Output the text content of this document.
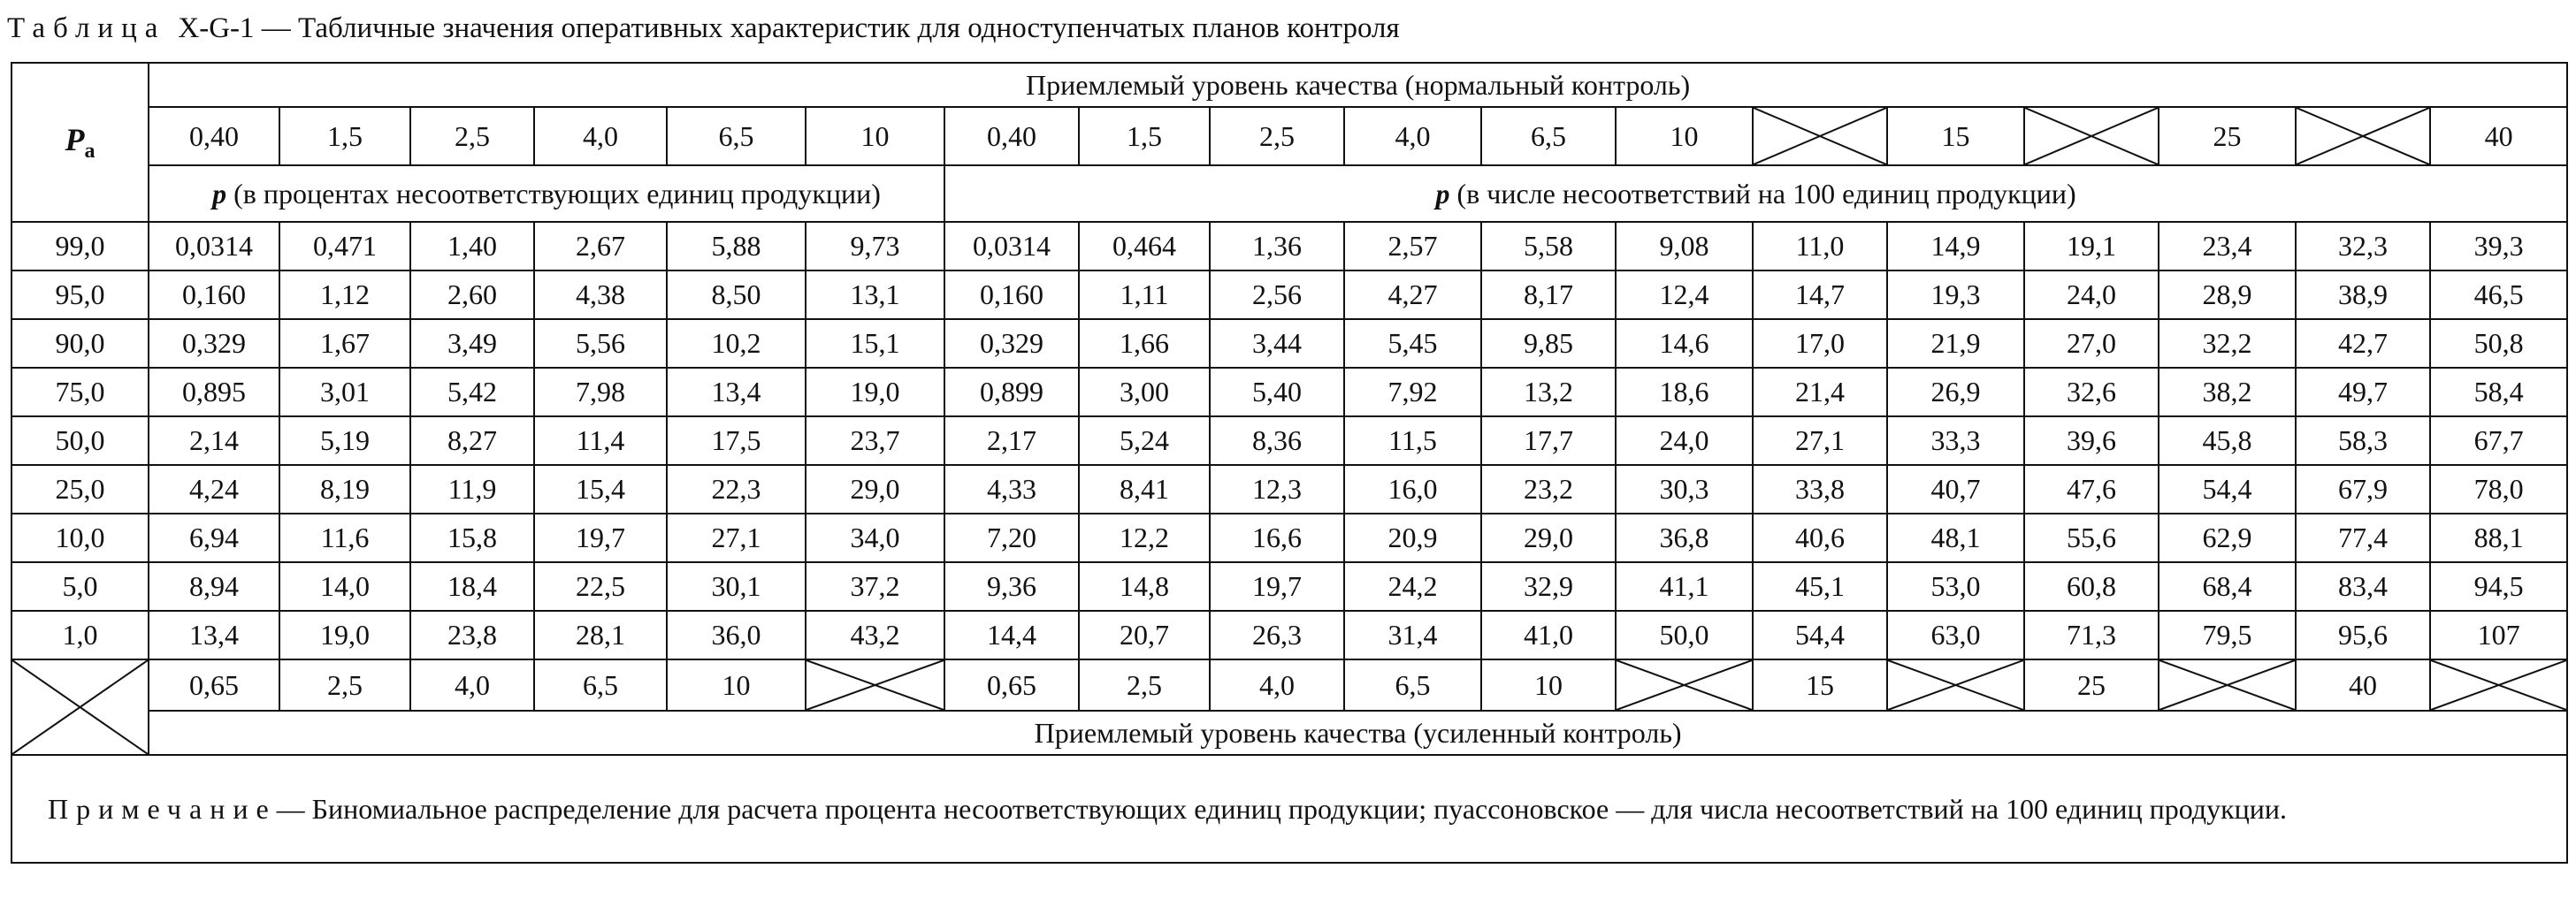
Таблица X-G-1 — Табличные значения оперативных характеристик для одноступенчатых планов контроля
$P_a$	Приемлемый уровень качества (нормальный контроль)																	
	0,40	1,5	2,5	4,0	6,5	10	0,40	1,5	2,5	4,0	6,5	10		15		25		40
	p (в процентах несоответствующих единиц продукции)						p (в числе несоответствий на 100 единиц продукции)											
99,0	0,0314	0,471	1,40	2,67	5,88	9,73	0,0314	0,464	1,36	2,57	5,58	9,08	11,0	14,9	19,1	23,4	32,3	39,3
95,0	0,160	1,12	2,60	4,38	8,50	13,1	0,160	1,11	2,56	4,27	8,17	12,4	14,7	19,3	24,0	28,9	38,9	46,5
90,0	0,329	1,67	3,49	5,56	10,2	15,1	0,329	1,66	3,44	5,45	9,85	14,6	17,0	21,9	27,0	32,2	42,7	50,8
75,0	0,895	3,01	5,42	7,98	13,4	19,0	0,899	3,00	5,40	7,92	13,2	18,6	21,4	26,9	32,6	38,2	49,7	58,4
50,0	2,14	5,19	8,27	11,4	17,5	23,7	2,17	5,24	8,36	11,5	17,7	24,0	27,1	33,3	39,6	45,8	58,3	67,7
25,0	4,24	8,19	11,9	15,4	22,3	29,0	4,33	8,41	12,3	16,0	23,2	30,3	33,8	40,7	47,6	54,4	67,9	78,0
10,0	6,94	11,6	15,8	19,7	27,1	34,0	7,20	12,2	16,6	20,9	29,0	36,8	40,6	48,1	55,6	62,9	77,4	88,1
5,0	8,94	14,0	18,4	22,5	30,1	37,2	9,36	14,8	19,7	24,2	32,9	41,1	45,1	53,0	60,8	68,4	83,4	94,5
1,0	13,4	19,0	23,8	28,1	36,0	43,2	14,4	20,7	26,3	31,4	41,0	50,0	54,4	63,0	71,3	79,5	95,6	107

	0,65	2,5	4,0	6,5	10		0,65	2,5	4,0	6,5	10		15		25		40	

	Приемлемый уровень качества (усиленный контроль)																	
Примечание— Биномиальное распределение для расчета процента несоответствующих единиц продукции; пуассоновское — для числа несоответствий на 100 единиц продукции.																		
